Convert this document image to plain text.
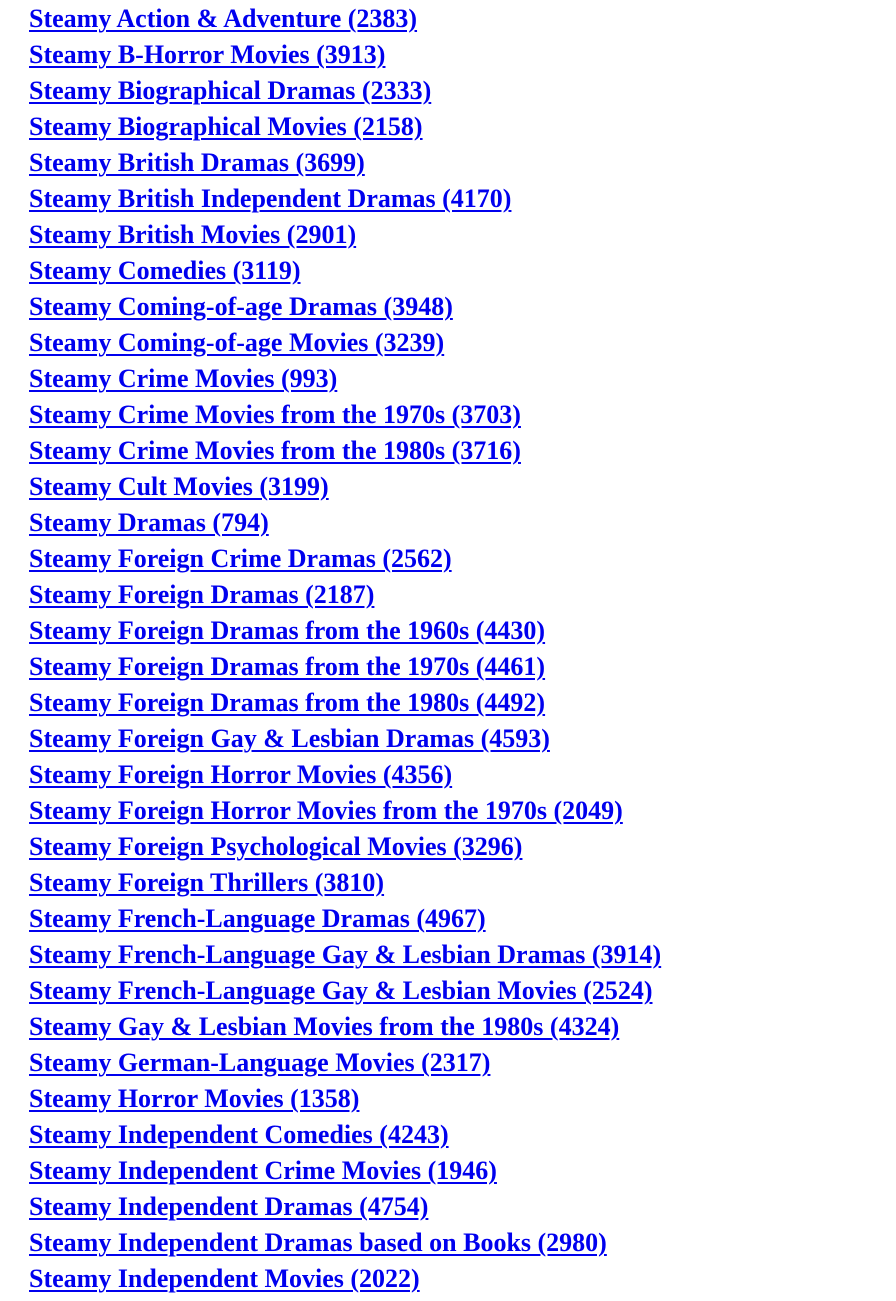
Steamy Action & Adventure (2383)
Steamy B-Horror Movies (3913)
Steamy Biographical Dramas (2333)
Steamy Biographical Movies (2158)
Steamy British Dramas (3699)
Steamy British Independent Dramas (4170)
Steamy British Movies (2901)
Steamy Comedies (3119)
Steamy Coming-of-age Dramas (3948)
Steamy Coming-of-age Movies (3239)
Steamy Crime Movies (993)
Steamy Crime Movies from the 1970s (3703)
Steamy Crime Movies from the 1980s (3716)
Steamy Cult Movies (3199)
Steamy Dramas (794)
Steamy Foreign Crime Dramas (2562)
Steamy Foreign Dramas (2187)
Steamy Foreign Dramas from the 1960s (4430)
Steamy Foreign Dramas from the 1970s (4461)
Steamy Foreign Dramas from the 1980s (4492)
Steamy Foreign Gay & Lesbian Dramas (4593)
Steamy Foreign Horror Movies (4356)
Steamy Foreign Horror Movies from the 1970s (2049)
Steamy Foreign Psychological Movies (3296)
Steamy Foreign Thrillers (3810)
Steamy French-Language Dramas (4967)
Steamy French-Language Gay & Lesbian Dramas (3914)
Steamy French-Language Gay & Lesbian Movies (2524)
Steamy Gay & Lesbian Movies from the 1980s (4324)
Steamy German-Language Movies (2317)
Steamy Horror Movies (1358)
Steamy Independent Comedies (4243)
Steamy Independent Crime Movies (1946)
Steamy Independent Dramas (4754)
Steamy Independent Dramas based on Books (2980)
Steamy Independent Movies (2022)
